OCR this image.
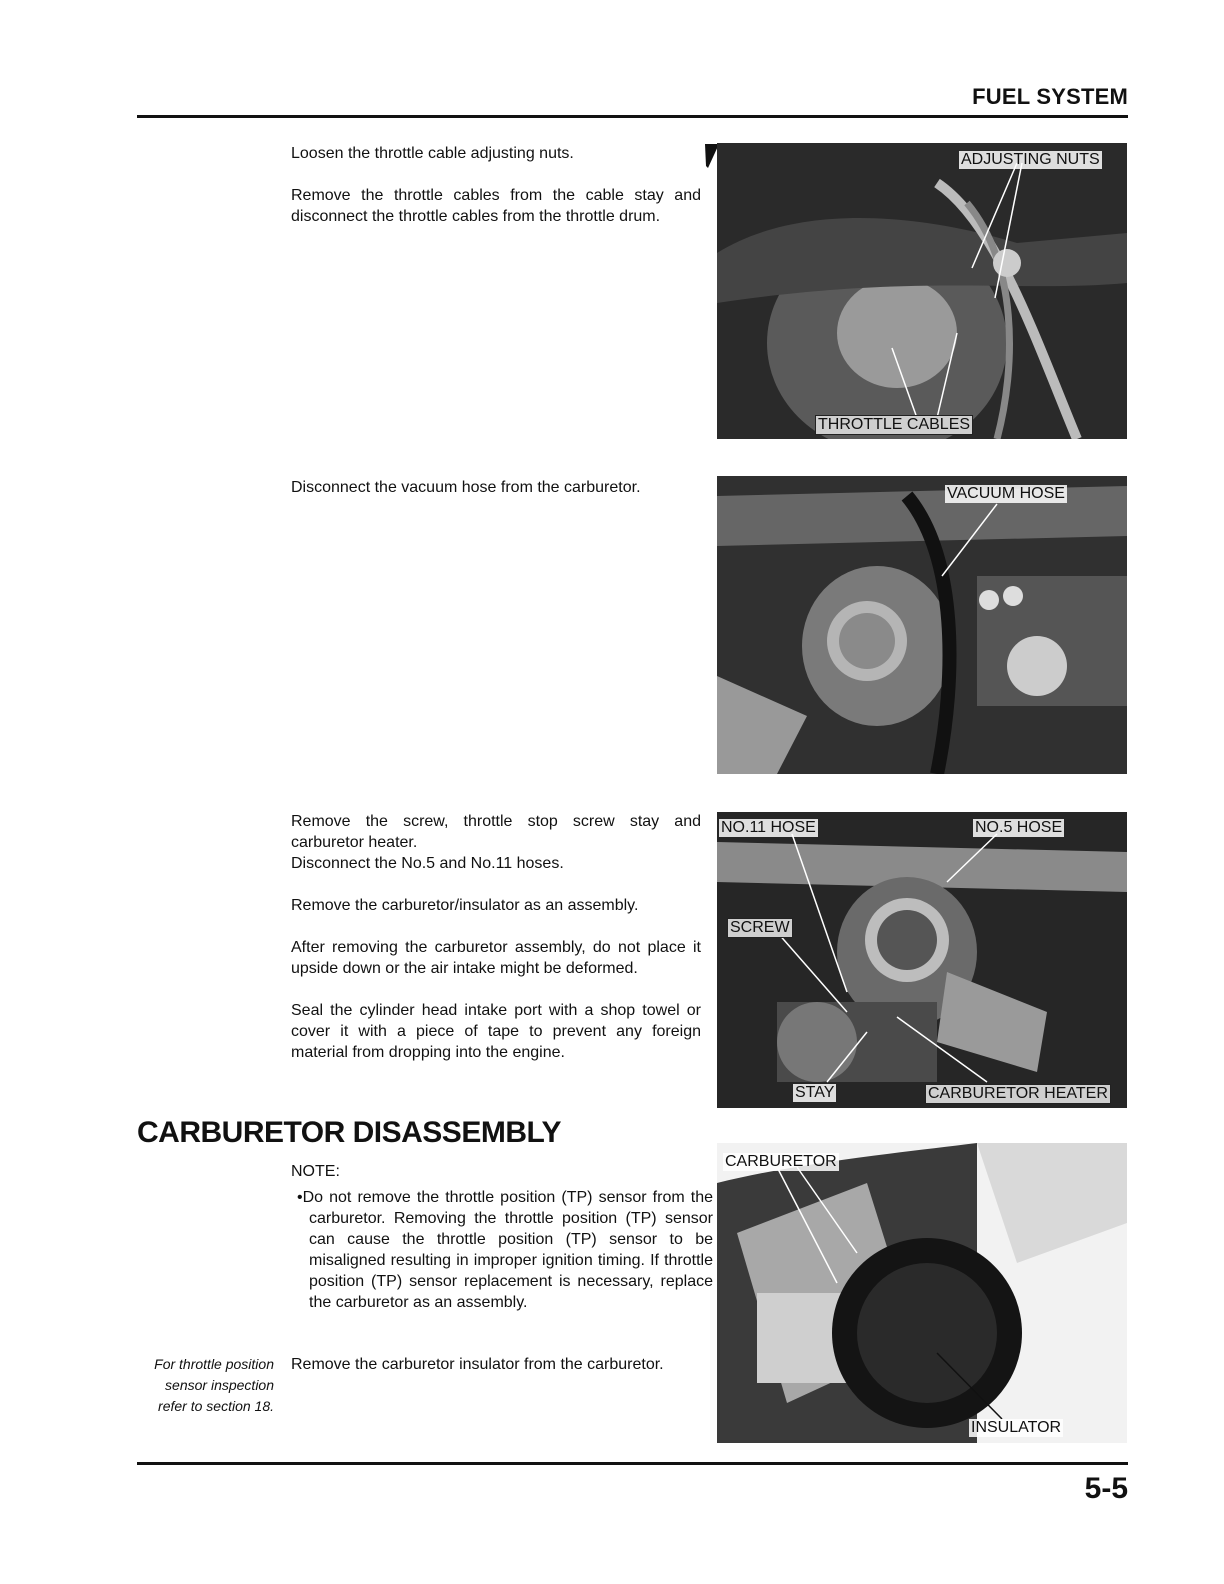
FUEL SYSTEM

Loosen the throttle cable adjusting nuts.

Remove the throttle cables from the cable stay and disconnect the throttle cables from the throttle drum.

ADJUSTING NUTS
THROTTLE CABLES

Disconnect the vacuum hose from the carburetor.	VACUUM HOSE

Remove the screw, throttle stop screw stay and carburetor heater.

Disconnect the No.5 and No.11 hoses.

Remove the carburetor/insulator as an assembly.

After removing the carburetor assembly, do not place it upside down or the air intake might be deformed.

Seal the cylinder head intake port with a shop towel or cover it with a piece of tape to prevent any foreign material from dropping into the engine.

NO.11 HOSE	NO.5 HOSE
SCREW
STAY	CARBURETOR HEATER
CARBURETOR DISASSEMBLY
NOTE:
•Do not remove the throttle position (TP) sensor from the carburetor. Removing the throttle position (TP) sensor can cause the throttle position (TP) sensor to be misaligned resulting in improper ignition timing. If throttle position (TP) sensor replacement is necessary, replace the carburetor as an assembly.

Remove the carburetor insulator from the carburetor.

For throttle position sensor inspection refer to section 18.
CARBURETOR
INSULATOR
5-5
